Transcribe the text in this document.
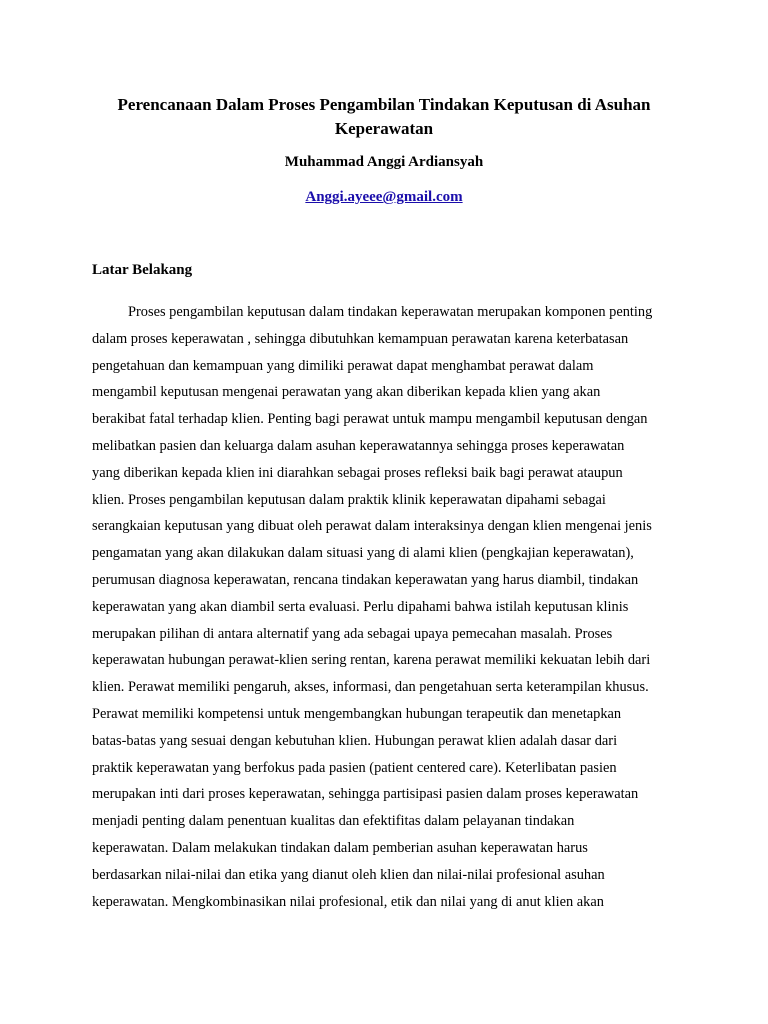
Perencanaan Dalam Proses Pengambilan Tindakan Keputusan di Asuhan Keperawatan

Muhammad Anggi Ardiansyah

Anggi.ayeee@gmail.com

Latar Belakang
Proses pengambilan keputusan dalam tindakan keperawatan merupakan komponen penting
dalam proses keperawatan , sehingga dibutuhkan kemampuan perawatan karena keterbatasan
pengetahuan dan kemampuan yang dimiliki perawat dapat menghambat perawat dalam
mengambil keputusan mengenai perawatan yang akan diberikan kepada klien yang akan
berakibat fatal terhadap klien. Penting bagi perawat untuk mampu mengambil keputusan dengan
melibatkan pasien dan keluarga dalam asuhan keperawatannya sehingga proses keperawatan
yang diberikan kepada klien ini diarahkan sebagai proses refleksi baik bagi perawat ataupun
klien. Proses pengambilan keputusan dalam praktik klinik keperawatan dipahami sebagai
serangkaian keputusan yang dibuat oleh perawat dalam interaksinya dengan klien mengenai jenis
pengamatan yang akan dilakukan dalam situasi yang di alami klien (pengkajian keperawatan),
perumusan diagnosa keperawatan, rencana tindakan keperawatan yang harus diambil, tindakan
keperawatan yang akan diambil serta evaluasi. Perlu dipahami bahwa istilah keputusan klinis
merupakan pilihan di antara alternatif yang ada sebagai upaya pemecahan masalah. Proses
keperawatan hubungan perawat-klien sering rentan, karena perawat memiliki kekuatan lebih dari
klien. Perawat memiliki pengaruh, akses, informasi, dan pengetahuan serta keterampilan khusus.
Perawat memiliki kompetensi untuk mengembangkan hubungan terapeutik dan menetapkan
batas-batas yang sesuai dengan kebutuhan klien. Hubungan perawat klien adalah dasar dari
praktik keperawatan yang berfokus pada pasien (patient centered care). Keterlibatan pasien
merupakan inti dari proses keperawatan, sehingga partisipasi pasien dalam proses keperawatan
menjadi penting dalam penentuan kualitas dan efektifitas dalam pelayanan tindakan
keperawatan. Dalam melakukan tindakan dalam pemberian asuhan keperawatan harus
berdasarkan nilai-nilai dan etika yang dianut oleh klien dan nilai-nilai profesional asuhan
keperawatan. Mengkombinasikan nilai profesional, etik dan nilai yang di anut klien akan
